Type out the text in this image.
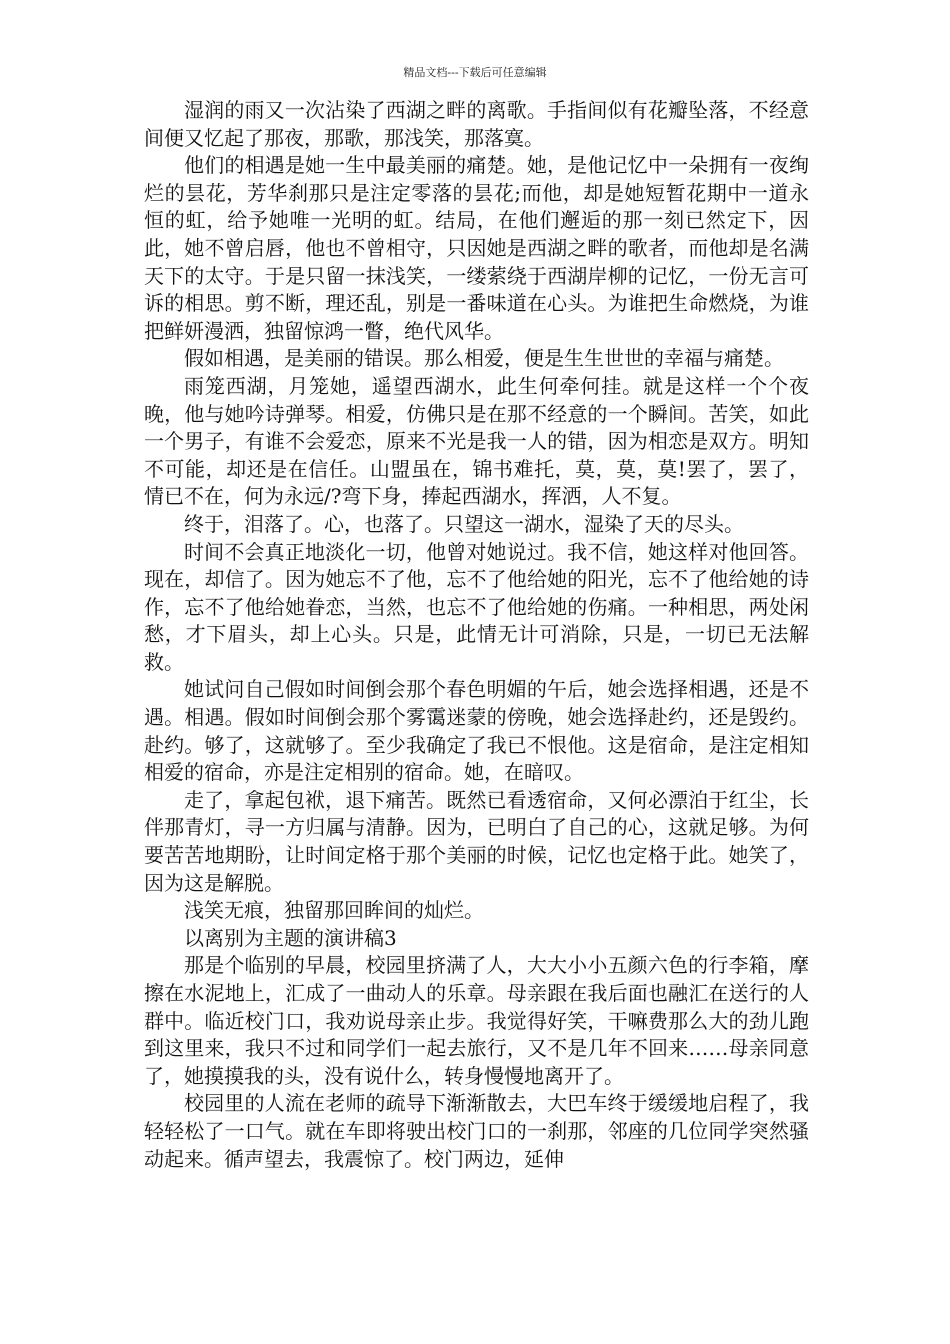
精品文档---下载后可任意编辑

湿润的雨又一次沾染了西湖之畔的离歌。手指间似有花瓣坠落，不经意间便又忆起了那夜，那歌，那浅笑，那落寞。

他们的相遇是她一生中最美丽的痛楚。她，是他记忆中一朵拥有一夜绚烂的昙花，芳华刹那只是注定零落的昙花;而他，却是她短暂花期中一道永恒的虹，给予她唯一光明的虹。结局，在他们邂逅的那一刻已然定下，因此，她不曾启唇，他也不曾相守，只因她是西湖之畔的歌者，而他却是名满天下的太守。于是只留一抹浅笑，一缕萦绕于西湖岸柳的记忆，一份无言可诉的相思。剪不断，理还乱，别是一番味道在心头。为谁把生命燃烧，为谁把鲜妍漫洒，独留惊鸿一瞥，绝代风华。

假如相遇，是美丽的错误。那么相爱，便是生生世世的幸福与痛楚。

雨笼西湖，月笼她，遥望西湖水，此生何牵何挂。就是这样一个个夜晚，他与她吟诗弹琴。相爱，仿佛只是在那不经意的一个瞬间。苦笑，如此一个男子，有谁不会爱恋，原来不光是我一人的错，因为相恋是双方。明知不可能，却还是在信任。山盟虽在，锦书难托，莫，莫，莫!罢了，罢了，情已不在，何为永远/?弯下身，捧起西湖水，挥洒，人不复。

终于，泪落了。心，也落了。只望这一湖水，湿染了天的尽头。

时间不会真正地淡化一切，他曾对她说过。我不信，她这样对他回答。现在，却信了。因为她忘不了他，忘不了他给她的阳光，忘不了他给她的诗作，忘不了他给她眷恋，当然，也忘不了他给她的伤痛。一种相思，两处闲愁，才下眉头，却上心头。只是，此情无计可消除，只是，一切已无法解救。

她试问自己假如时间倒会那个春色明媚的午后，她会选择相遇，还是不遇。相遇。假如时间倒会那个雾霭迷蒙的傍晚，她会选择赴约，还是毁约。赴约。够了，这就够了。至少我确定了我已不恨他。这是宿命，是注定相知相爱的宿命，亦是注定相别的宿命。她，在暗叹。

走了，拿起包袱，退下痛苦。既然已看透宿命，又何必漂泊于红尘，长伴那青灯，寻一方归属与清静。因为，已明白了自己的心，这就足够。为何要苦苦地期盼，让时间定格于那个美丽的时候，记忆也定格于此。她笑了，因为这是解脱。

浅笑无痕，独留那回眸间的灿烂。

以离别为主题的演讲稿3

那是个临别的早晨，校园里挤满了人，大大小小五颜六色的行李箱，摩擦在水泥地上，汇成了一曲动人的乐章。母亲跟在我后面也融汇在送行的人群中。临近校门口，我劝说母亲止步。我觉得好笑，干嘛费那么大的劲儿跑到这里来，我只不过和同学们一起去旅行，又不是几年不回来……母亲同意了，她摸摸我的头，没有说什么，转身慢慢地离开了。

校园里的人流在老师的疏导下渐渐散去，大巴车终于缓缓地启程了，我轻轻松了一口气。就在车即将驶出校门口的一刹那，邻座的几位同学突然骚动起来。循声望去，我震惊了。校门两边，延伸
